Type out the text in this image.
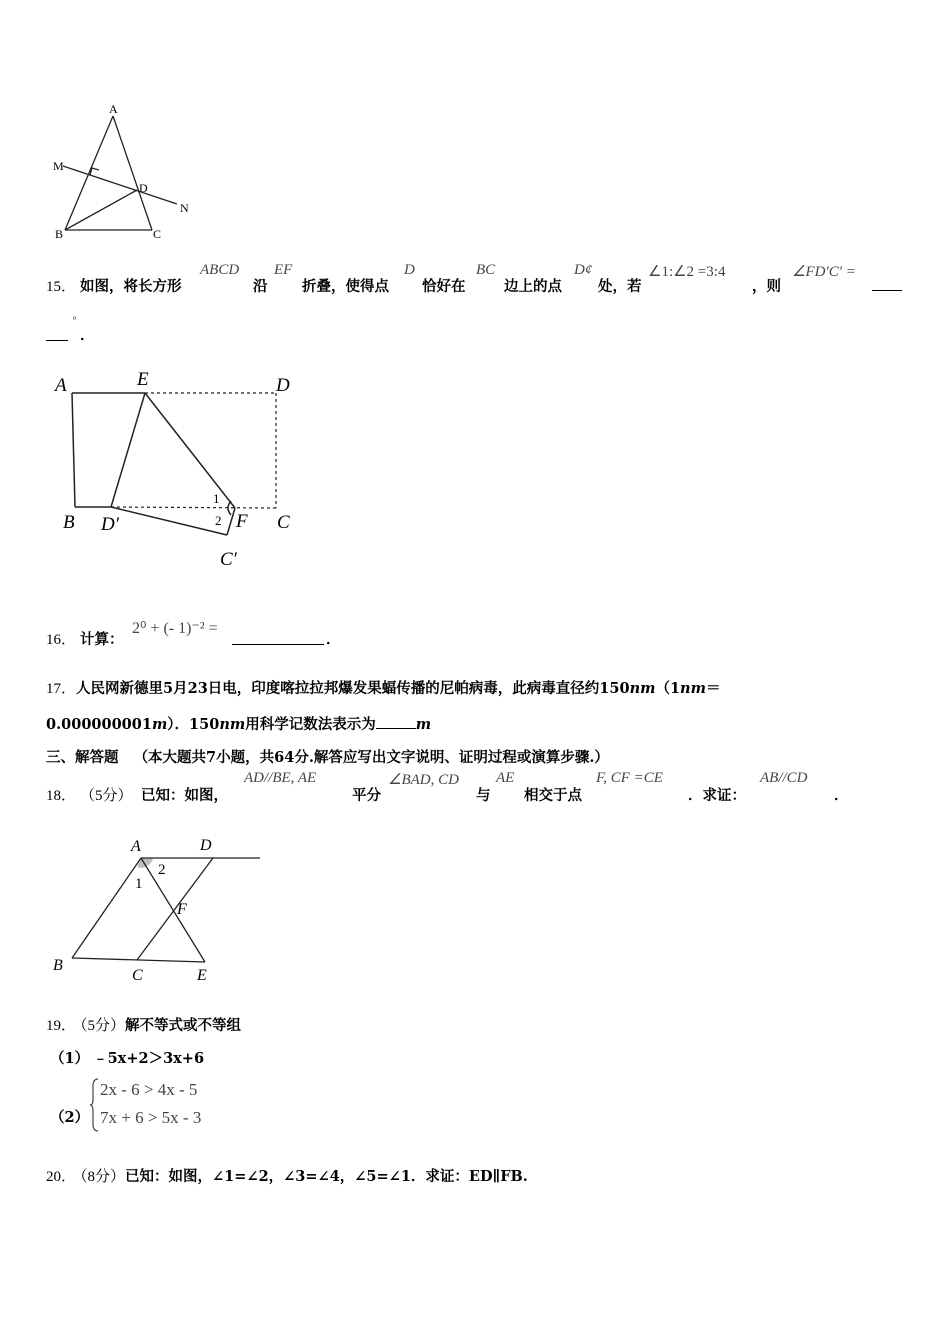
A
M
D
N
B	C
15． 如图，将长方形
ABCD
沿
EF
折叠，使得点
D
恰好在
BC
边上的点
D¢
处，若
∠1:∠2 =3:4
，则
∠FD′C′ =
°
．
A	E	D
B D′
1
2 F C
C′
16． 计算：
2⁰ + (- 1)⁻² =
．
17．人民网新德里5月23日电，印度喀拉拉邦爆发果蝠传播的尼帕病毒，此病毒直径约150nm（1nm＝
0.000000001m）．150nm用科学记数法表示为	m
三、解答题 （本大题共7小题，共64分.解答应写出文字说明、证明过程或演算步骤.）
18． （5分） 已知：如图，
AD//BE, AE
平分
∠BAD, CD
与
AE
相交于点
F, CF =CE
．求证：
AB//CD
．
A	D
2
1
F
B
C	E
19． （5分）解不等式或不等组
（1） ﹣5x+2＞3x+6
（2）
2x - 6 > 4x - 5
7x + 6 > 5x - 3
20． （8分）已知：如图，∠1=∠2，∠3=∠4，∠5=∠1．求证：ED∥FB.
